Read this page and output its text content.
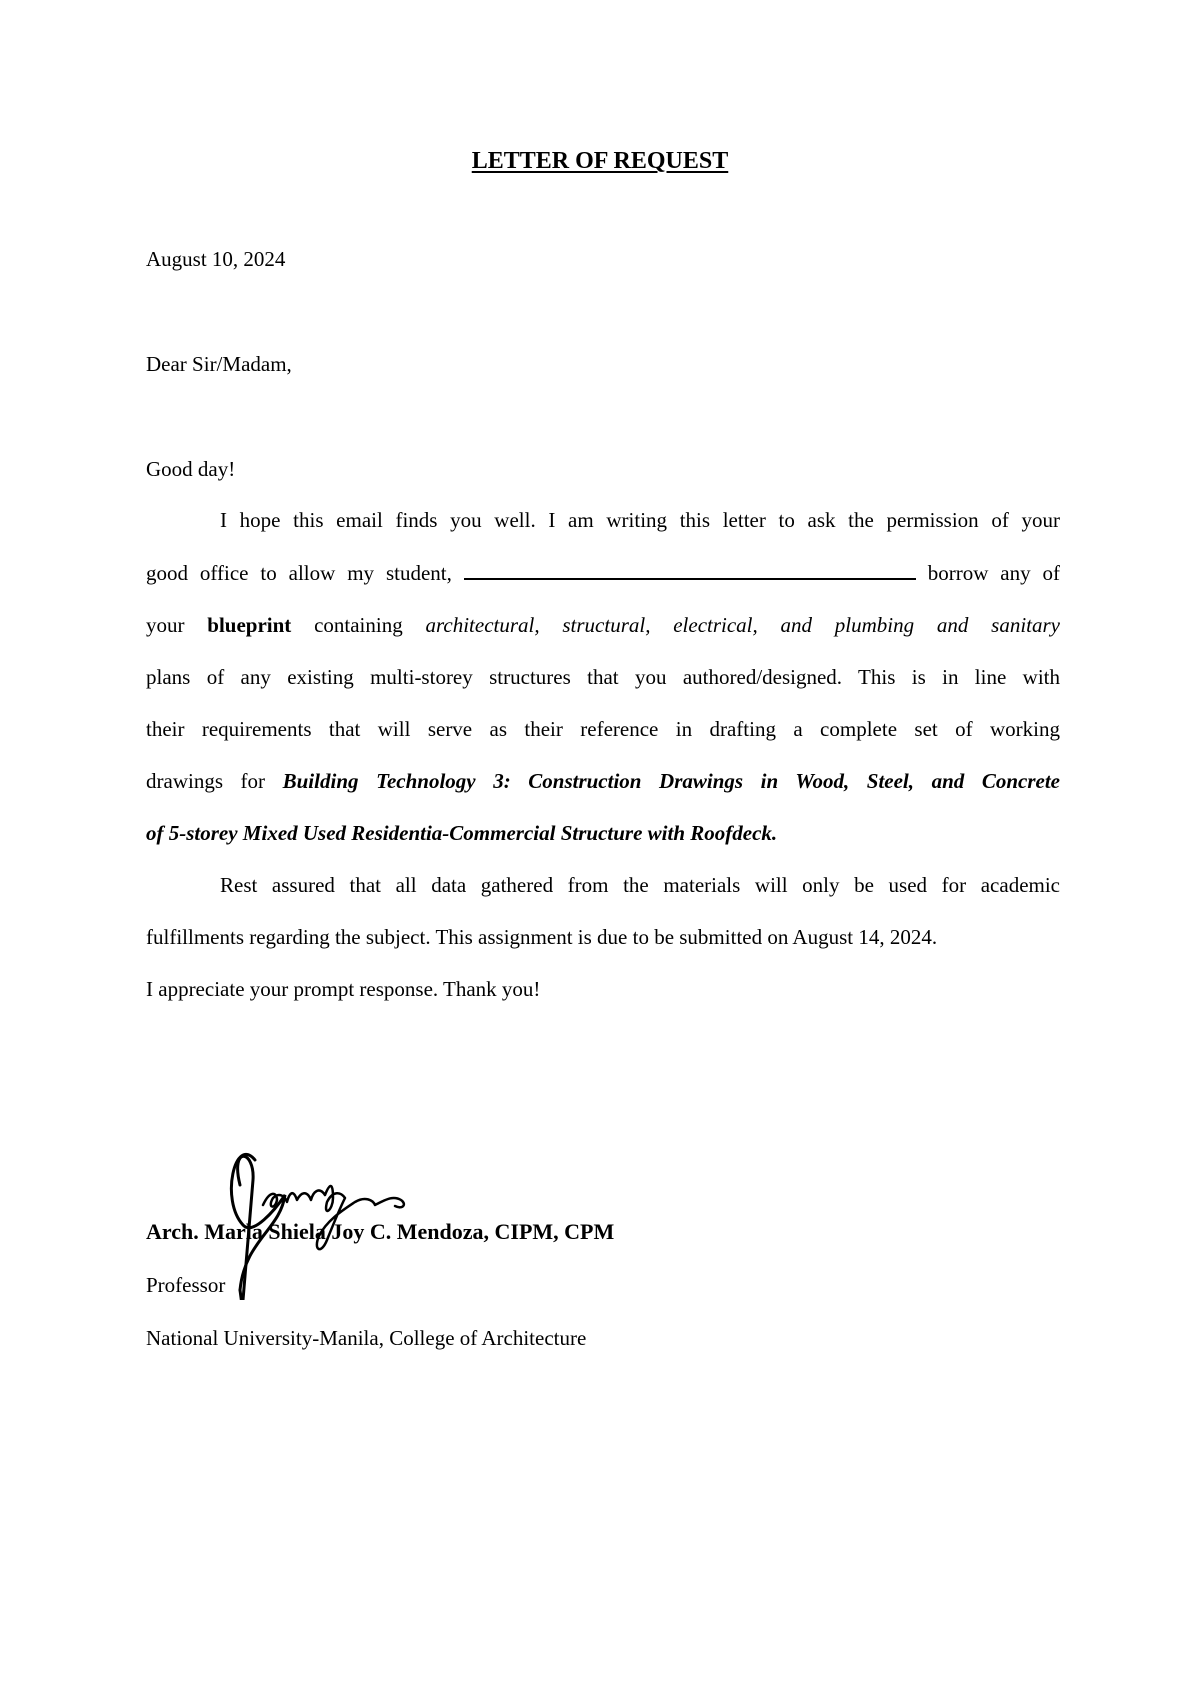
LETTER OF REQUEST

August 10, 2024

Dear Sir/Madam,

Good day!

I hope this email finds you well. I am writing this letter to ask the permission of your

good office to allow my student,	borrow any of

your blueprint containing architectural, structural, electrical, and plumbing and sanitary

plans of any existing multi-storey structures that you authored/designed. This is in line with

their requirements that will serve as their reference in drafting a complete set of working

drawings for Building Technology 3: Construction Drawings in Wood, Steel, and Concrete

of 5-storey Mixed Used Residentia-Commercial Structure with Roofdeck.

Rest assured that all data gathered from the materials will only be used for academic

fulfillments regarding the subject. This assignment is due to be submitted on August 14, 2024.

I appreciate your prompt response. Thank you!

Arch. Marla Shiela Joy C. Mendoza, CIPM, CPM

Professor

National University-Manila, College of Architecture
